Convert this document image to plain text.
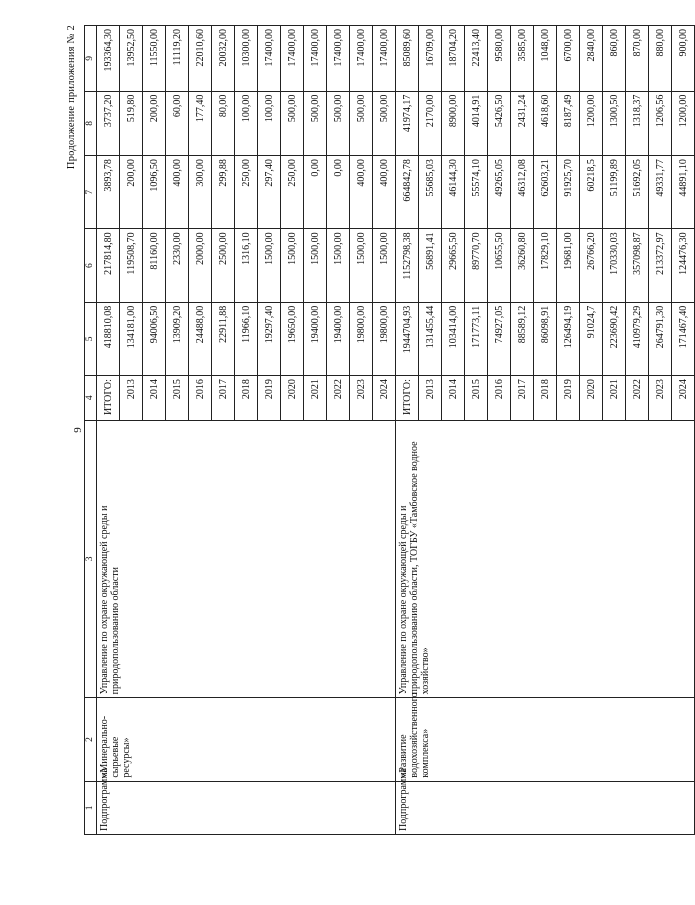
9
Продолжение приложения № 2
1	2	3	4	5	6	7	8	9
Подпрограмма	«Минерально-сырьевые ресурсы»	Управление по охране окружающей среды и природопользованию области	ИТОГО:	418810,08	217814,80	3893,78	3737,20	193364,30
			2013	134181,00	119508,70	200,00	519,80	13952,50
			2014	94006,50	81160,00	1096,50	200,00	11550,00
			2015	13909,20	2330,00	400,00	60,00	11119,20
			2016	24488,00	2000,00	300,00	177,40	22010,60
			2017	22911,88	2500,00	299,88	80,00	20032,00
			2018	11966,10	1316,10	250,00	100,00	10300,00
			2019	19297,40	1500,00	297,40	100,00	17400,00
			2020	19650,00	1500,00	250,00	500,00	17400,00
			2021	19400,00	1500,00	0,00	500,00	17400,00
			2022	19400,00	1500,00	0,00	500,00	17400,00
			2023	19800,00	1500,00	400,00	500,00	17400,00
			2024	19800,00	1500,00	400,00	500,00	17400,00
Подпрограмма	«Развитие водохозяйственного комплекса»	Управление по охране окружающей среды и природопользованию области, ТОГБУ «Тамбовское водное хозяйство»	ИТОГО:	1944704,93	1152798,38	664842,78	41974,17	85089,60
			2013	131455,44	56891,41	55685,03	2170,00	16709,00
			2014	103414,00	29665,50	46144,30	8900,00	18704,20
			2015	171773,11	89770,70	55574,10	4014,91	22413,40
			2016	74927,05	10655,50	49265,05	5426,50	9580,00
			2017	88589,12	36260,80	46312,08	2431,24	3585,00
			2018	86098,91	17829,10	62603,21	4618,60	1048,00
			2019	126494,19	19681,00	91925,70	8187,49	6700,00
			2020	91024,7	26766,20	60218,5	1200,00	2840,00
			2021	223690,42	170330,03	51199,89	1300,50	860,00
			2022	410979,29	357098,87	51692,05	1318,37	870,00
			2023	264791,30	213372,97	49331,77	1206,56	880,00
			2024	171467,40	124476,30	44891,10	1200,00	900,00
